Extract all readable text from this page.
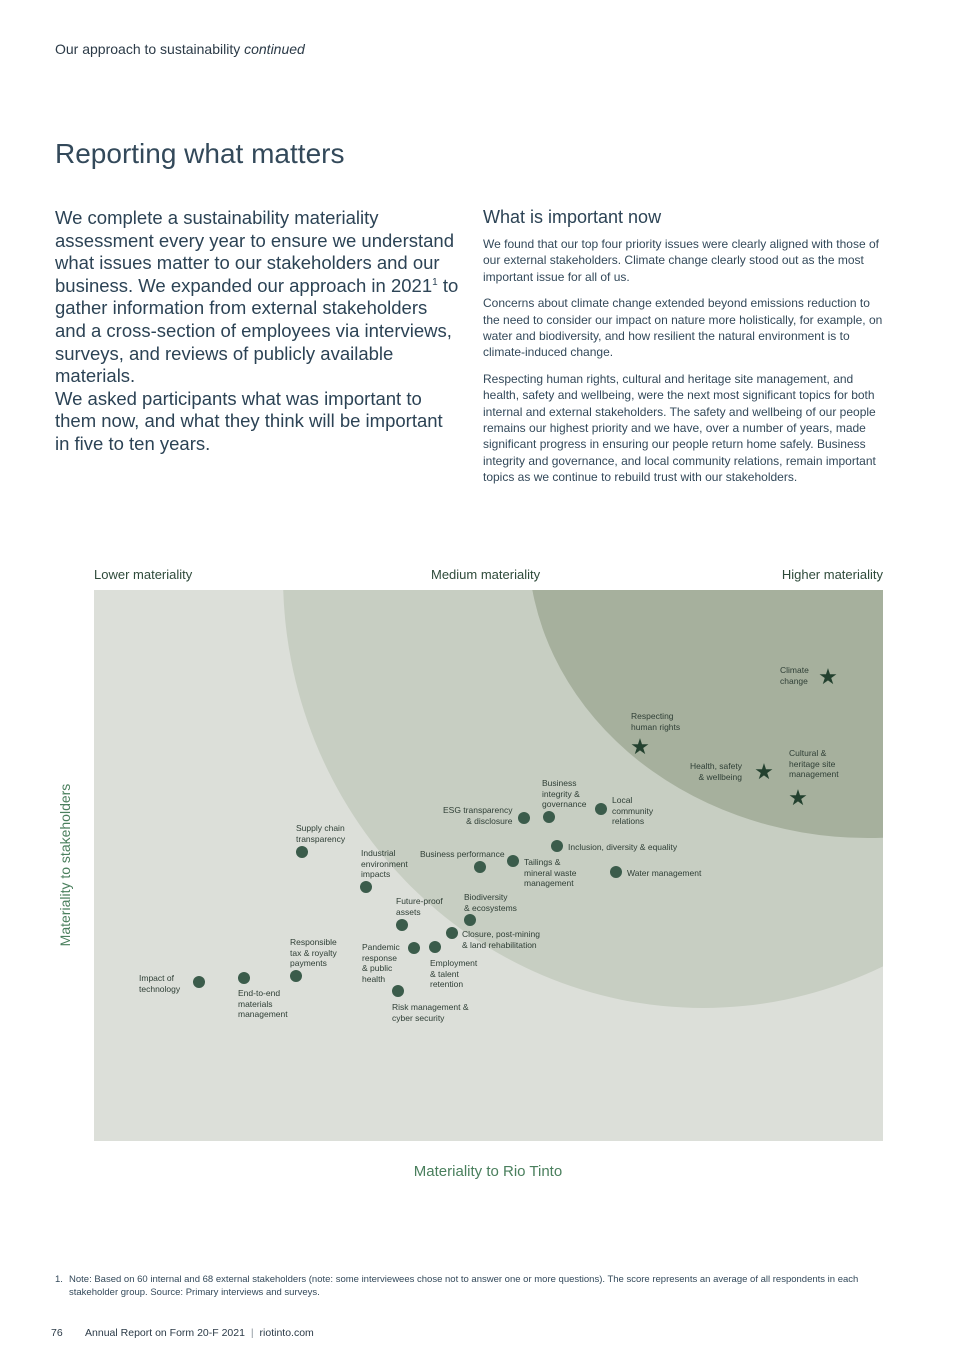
Our approach to sustainability continued
Reporting what matters

We complete a sustainability materiality assessment every year to ensure we understand what issues matter to our stakeholders and our business. We expanded our approach in 2021$^1$ to gather information from external stakeholders and a cross-section of employees via interviews, surveys, and reviews of publicly available materials.

We asked participants what was important to them now, and what they think will be important in five to ten years.

What is important now

We found that our top four priority issues were clearly aligned with those of our external stakeholders. Climate change clearly stood out as the most important issue for all of us.

Concerns about climate change extended beyond emissions reduction to the need to consider our impact on nature more holistically, for example, on water and biodiversity, and how resilient the natural environment is to climate-induced change.

Respecting human rights, cultural and heritage site management, and health, safety and wellbeing, were the next most significant topics for both internal and external stakeholders. The safety and wellbeing of our people remains our highest priority and we have, over a number of years, made significant progress in ensuring our people return home safely. Business integrity and governance, and local community relations, remain important topics as we continue to rebuild trust with our stakeholders.

Lower materiality	Medium materiality	Higher materiality
★
Climate
change
★
Respecting
human rights
★
Health, safety
& wellbeing
★
Cultural &
heritage site
management
Business
integrity &
governance	Local
community
relations
ESG transparency
& disclosure
Inclusion, diversity & equality
Business performance
Tailings &
mineral waste
management
Water management
Supply chain
transparency
Industrial
environment
impacts
Future-proof
assets
Biodiversity
& ecosystems
Closure, post-mining
& land rehabilitation
Responsible
tax & royalty
payments
Pandemic
response
& public
health
Employment
& talent
retention
Impact of
technology	End-to-end
materials
management
Risk management &
cyber security
Materiality to stakeholders
Materiality to Rio Tinto
1. Note: Based on 60 internal and 68 external stakeholders (note: some interviewees chose not to answer one or more questions). The score represents an average of all respondents in each stakeholder group. Source: Primary interviews and surveys.
76 Annual Report on Form 20-F 2021 | riotinto.com
